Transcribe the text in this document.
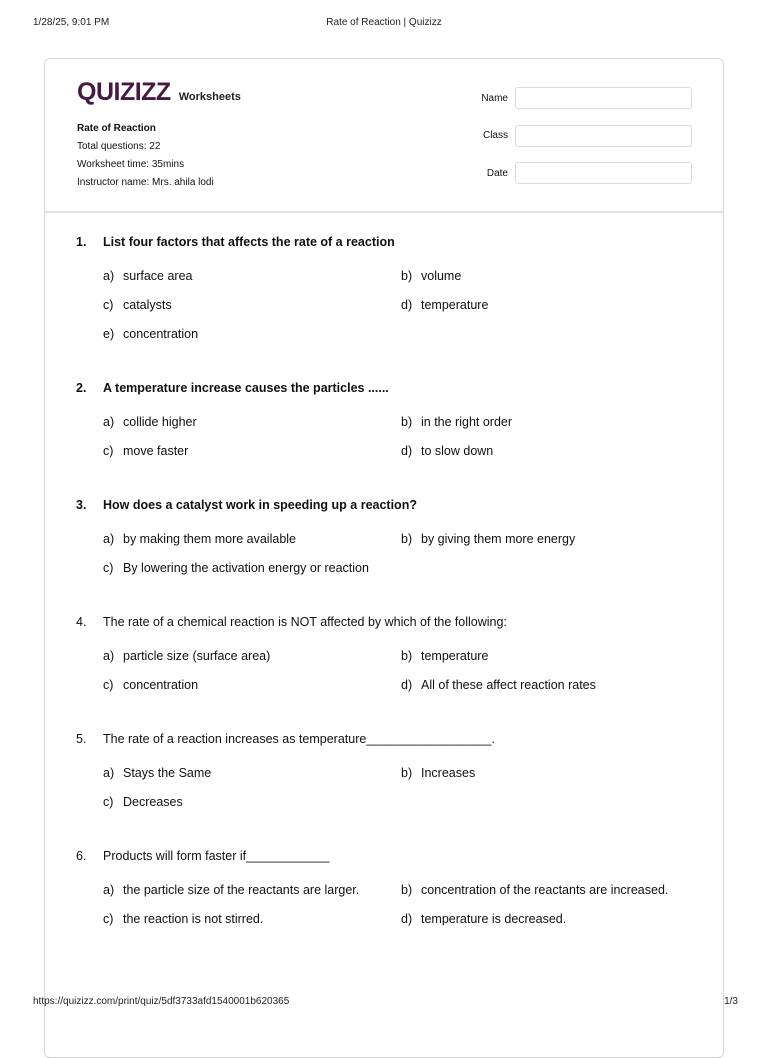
1/28/25, 9:01 PM	Rate of Reaction | Quizizz
QUIZIZZ Worksheets
Rate of Reaction
Total questions: 22
Worksheet time: 35mins
Instructor name: Mrs. ahila lodi
Name
Class
Date
1.	List four factors that affects the rate of a reaction
a) surface area	b) volume
c) catalysts	d) temperature
e) concentration
2.	A temperature increase causes the particles ......
a) collide higher	b) in the right order
c) move faster	d) to slow down
3.	How does a catalyst work in speeding up a reaction?
a) by making them more available	b) by giving them more energy
c) By lowering the activation energy or reaction
4.	The rate of a chemical reaction is NOT affected by which of the following:
a) particle size (surface area)	b) temperature
c) concentration	d) All of these affect reaction rates
5.	The rate of a reaction increases as temperature__________________.
a) Stays the Same	b) Increases
c) Decreases
6.	Products will form faster if____________
a) the particle size of the reactants are larger.	b) concentration of the reactants are increased.
c) the reaction is not stirred.	d) temperature is decreased.
https://quizizz.com/print/quiz/5df3733afd1540001b620365	1/3
